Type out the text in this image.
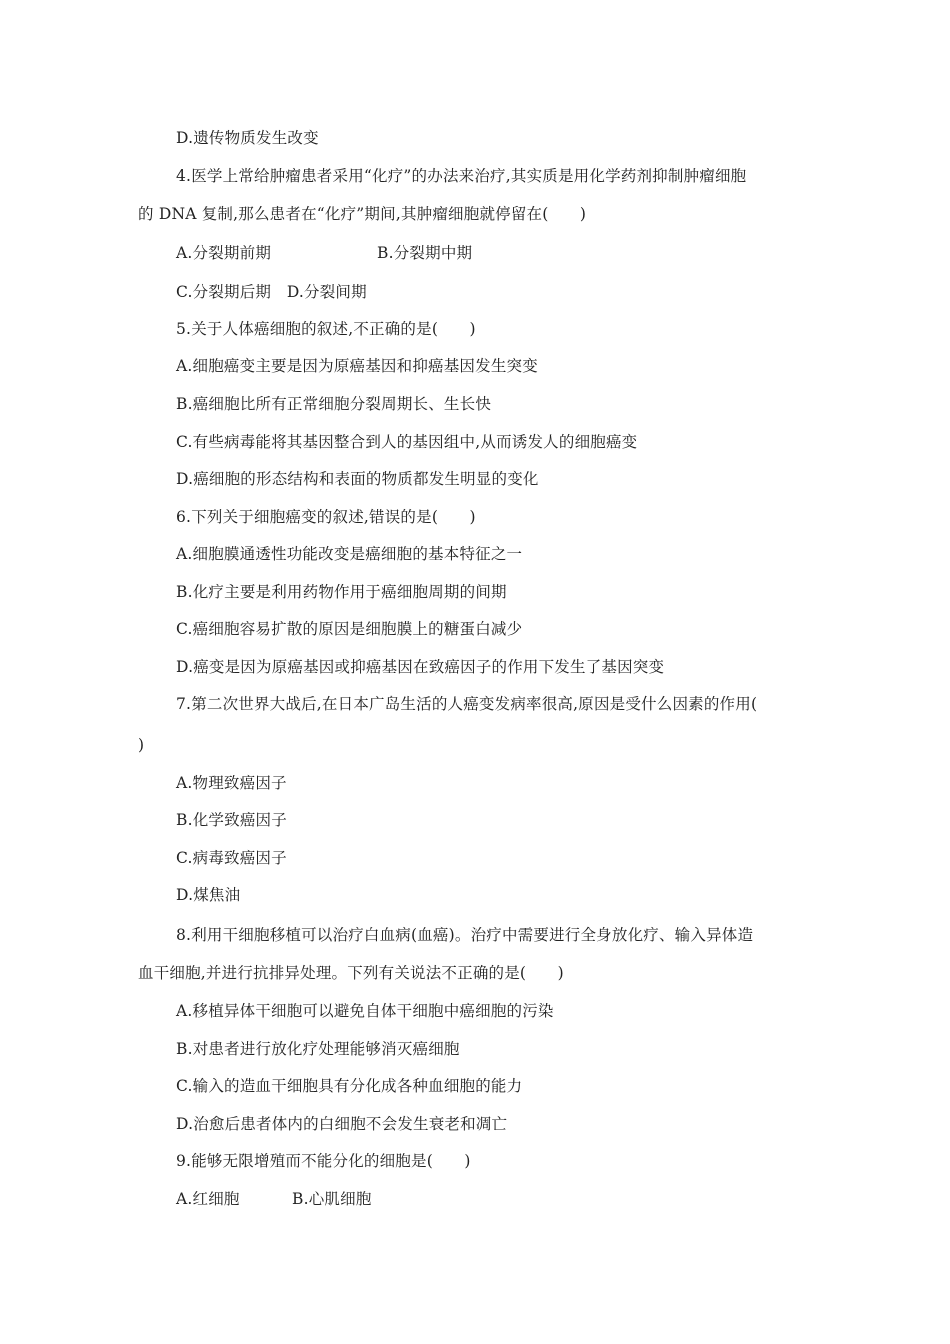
D.遗传物质发生改变
4.医学上常给肿瘤患者采用“化疗”的办法来治疗,其实质是用化学药剂抑制肿瘤细胞
的 DNA 复制,那么患者在“化疗”期间,其肿瘤细胞就停留在(　　)
A.分裂期前期	B.分裂期中期
C.分裂期后期　D.分裂间期
5.关于人体癌细胞的叙述,不正确的是(　　)
A.细胞癌变主要是因为原癌基因和抑癌基因发生突变
B.癌细胞比所有正常细胞分裂周期长、生长快
C.有些病毒能将其基因整合到人的基因组中,从而诱发人的细胞癌变
D.癌细胞的形态结构和表面的物质都发生明显的变化
6.下列关于细胞癌变的叙述,错误的是(　　)
A.细胞膜通透性功能改变是癌细胞的基本特征之一
B.化疗主要是利用药物作用于癌细胞周期的间期
C.癌细胞容易扩散的原因是细胞膜上的糖蛋白减少
D.癌变是因为原癌基因或抑癌基因在致癌因子的作用下发生了基因突变
7.第二次世界大战后,在日本广岛生活的人癌变发病率很高,原因是受什么因素的作用(
)
A.物理致癌因子
B.化学致癌因子
C.病毒致癌因子
D.煤焦油
8.利用干细胞移植可以治疗白血病(血癌)。治疗中需要进行全身放化疗、输入异体造
血干细胞,并进行抗排异处理。下列有关说法不正确的是(　　)
A.移植异体干细胞可以避免自体干细胞中癌细胞的污染
B.对患者进行放化疗处理能够消灭癌细胞
C.输入的造血干细胞具有分化成各种血细胞的能力
D.治愈后患者体内的白细胞不会发生衰老和凋亡
9.能够无限增殖而不能分化的细胞是(　　)
A.红细胞	B.心肌细胞
